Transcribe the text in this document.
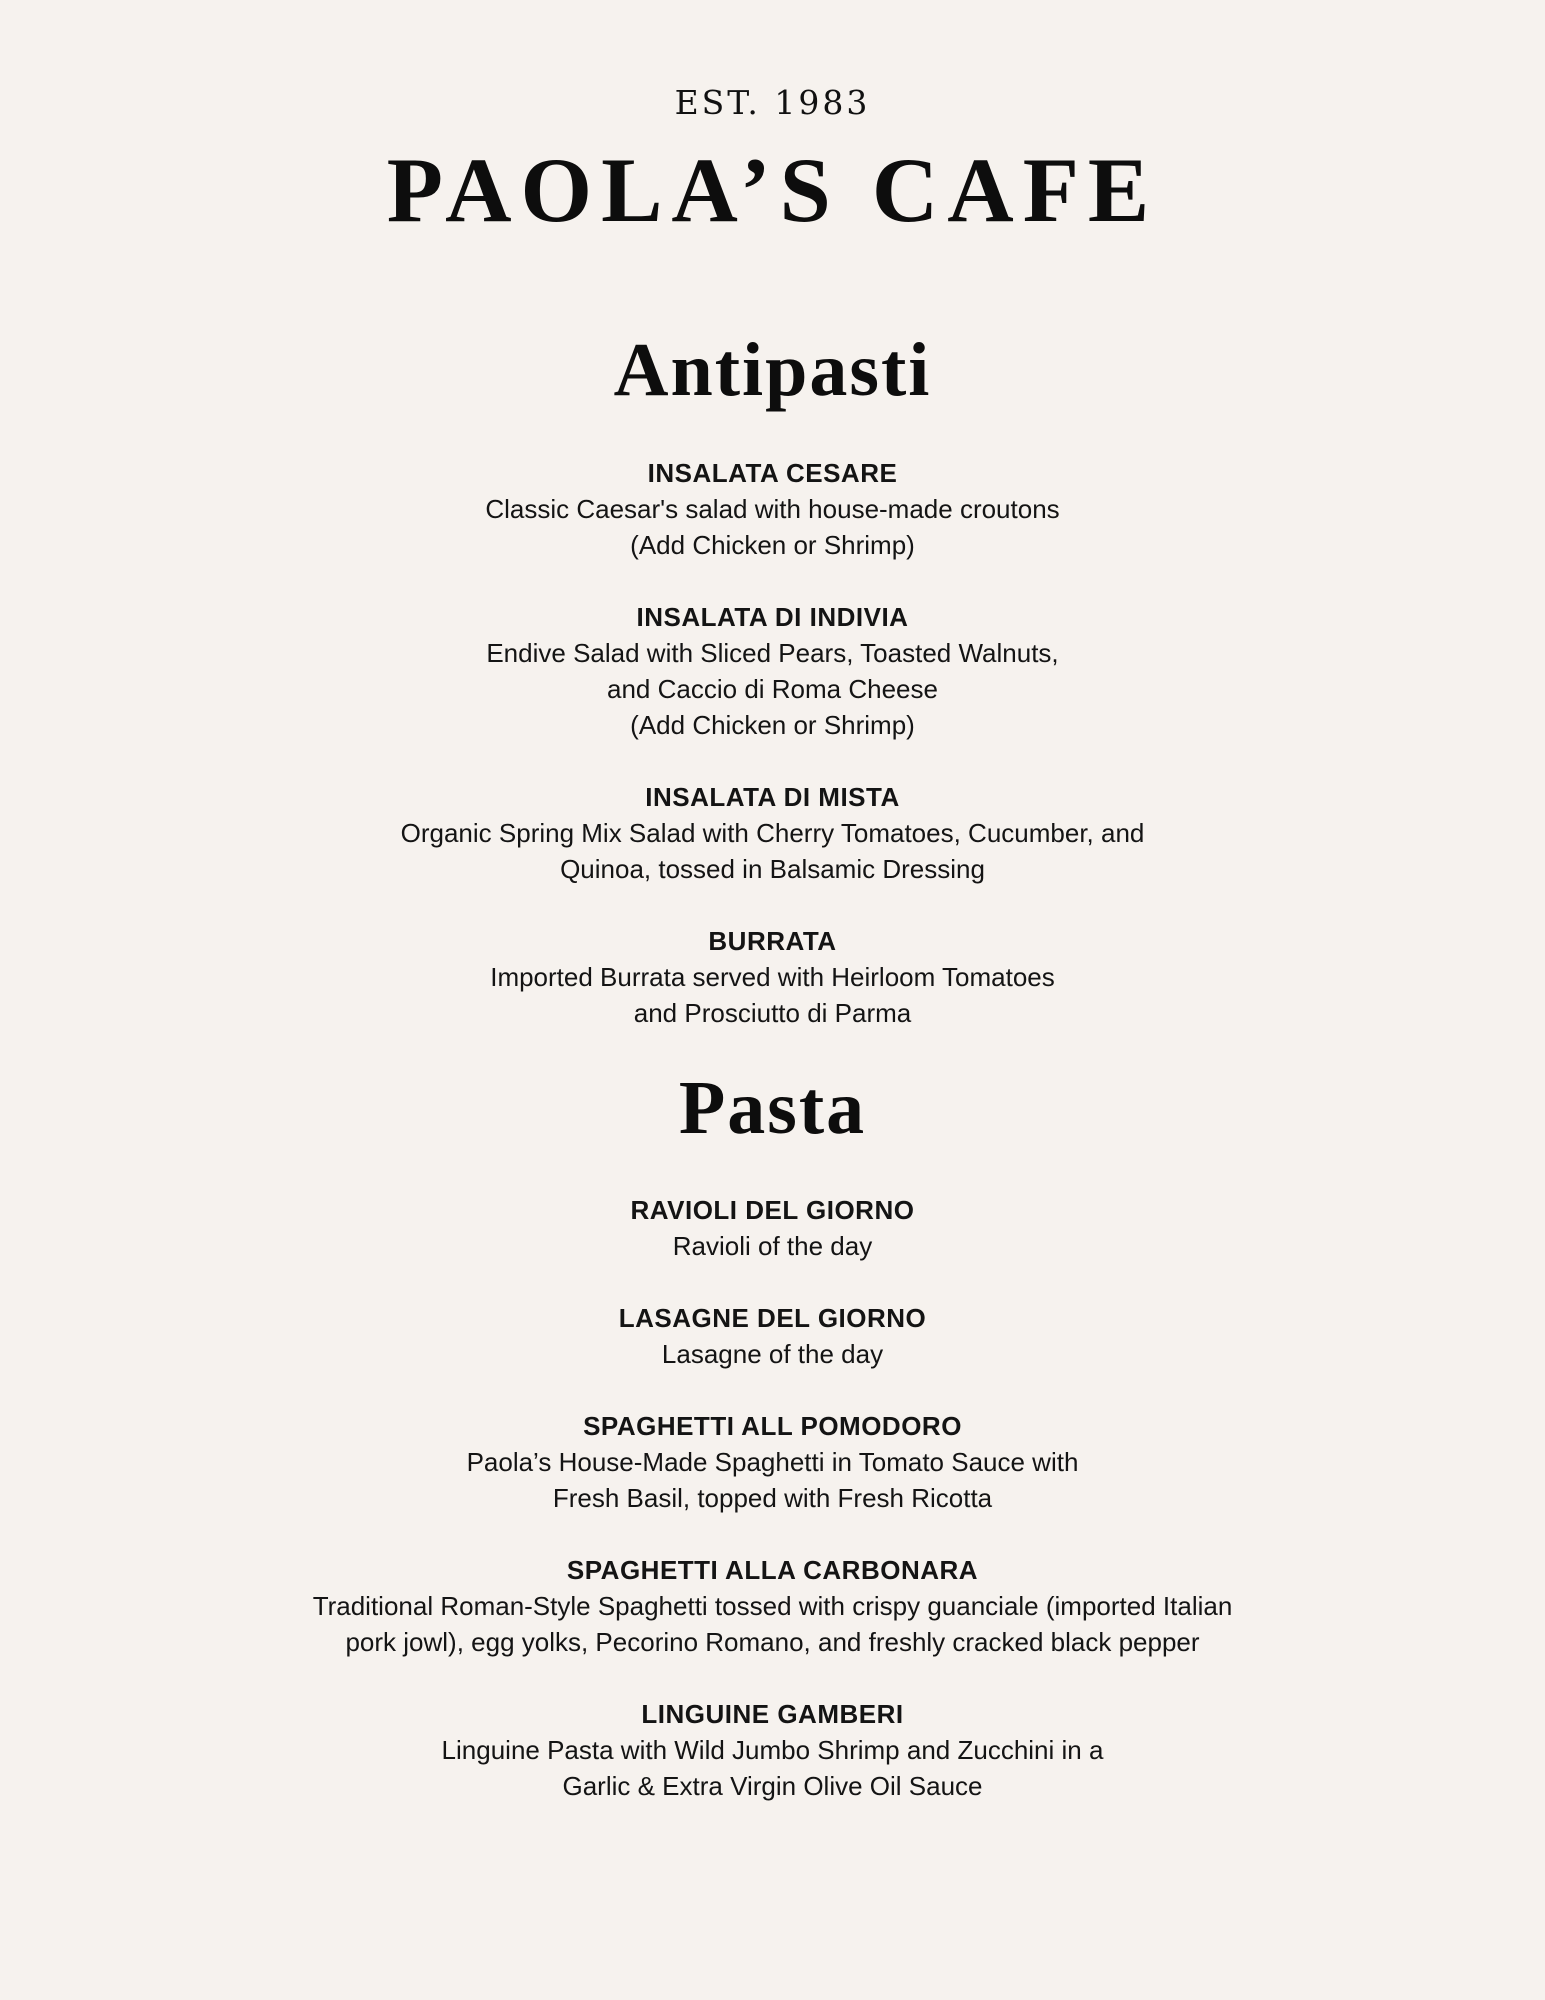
EST. 1983
PAOLA’S CAFE
Antipasti
INSALATA CESARE
Classic Caesar's salad with house-made croutons
(Add Chicken or Shrimp)
INSALATA DI INDIVIA
Endive Salad with Sliced Pears, Toasted Walnuts,
and Caccio di Roma Cheese
(Add Chicken or Shrimp)
INSALATA DI MISTA
Organic Spring Mix Salad with Cherry Tomatoes, Cucumber, and
Quinoa, tossed in Balsamic Dressing
BURRATA
Imported Burrata served with Heirloom Tomatoes
and Prosciutto di Parma
Pasta
RAVIOLI DEL GIORNO
Ravioli of the day
LASAGNE DEL GIORNO
Lasagne of the day
SPAGHETTI ALL POMODORO
Paola’s House-Made Spaghetti in Tomato Sauce with
Fresh Basil, topped with Fresh Ricotta
SPAGHETTI ALLA CARBONARA
Traditional Roman-Style Spaghetti tossed with crispy guanciale (imported Italian
pork jowl), egg yolks, Pecorino Romano, and freshly cracked black pepper
LINGUINE GAMBERI
Linguine Pasta with Wild Jumbo Shrimp and Zucchini in a
Garlic & Extra Virgin Olive Oil Sauce
